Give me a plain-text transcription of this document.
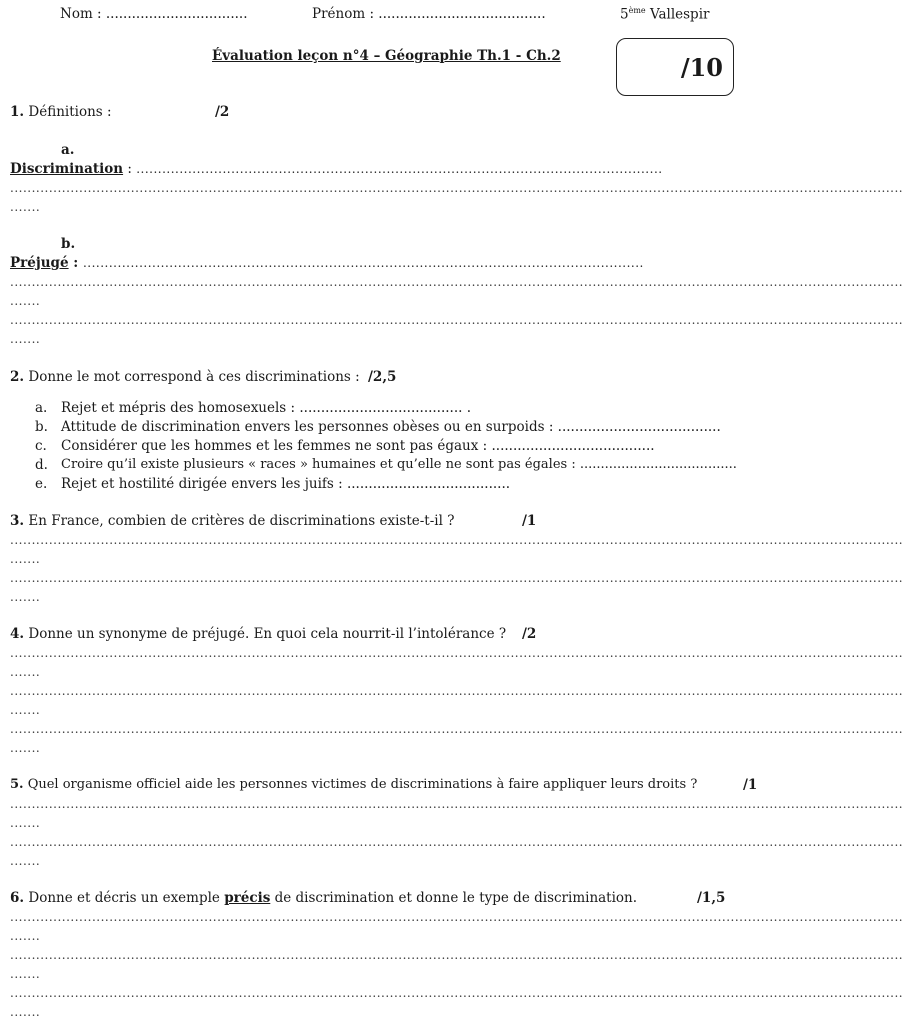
Nom : .................................	Prénom : .......................................	5ème Vallespir
Évaluation leçon n°4 – Géographie Th.1 - Ch.2	/10
1. Définitions :	/2
a.
Discrimination : ..........................................................................................................................
...............................................................................................................................................................................................................
.......
b.
Préjugé : ..................................................................................................................................
...............................................................................................................................................................................................................
.......
...............................................................................................................................................................................................................
.......
2. Donne le mot correspond à ces discriminations : /2,5
a. Rejet et mépris des homosexuels : ...................................... .
b. Attitude de discrimination envers les personnes obèses ou en surpoids : ......................................
c. Considérer que les hommes et les femmes ne sont pas égaux : ......................................
d. Croire qu’il existe plusieurs « races » humaines et qu’elle ne sont pas égales : ......................................
e. Rejet et hostilité dirigée envers les juifs : ......................................
3. En France, combien de critères de discriminations existe-t-il ?	/1
...............................................................................................................................................................................................................
.......
...............................................................................................................................................................................................................
.......
4. Donne un synonyme de préjugé. En quoi cela nourrit-il l’intolérance ? /2
...............................................................................................................................................................................................................
.......
...............................................................................................................................................................................................................
.......
...............................................................................................................................................................................................................
.......
5. Quel organisme officiel aide les personnes victimes de discriminations à faire appliquer leurs droits ?	/1
...............................................................................................................................................................................................................
.......
...............................................................................................................................................................................................................
.......
6. Donne et décris un exemple précis de discrimination et donne le type de discrimination.	/1,5
...............................................................................................................................................................................................................
.......
...............................................................................................................................................................................................................
.......
...............................................................................................................................................................................................................
.......
